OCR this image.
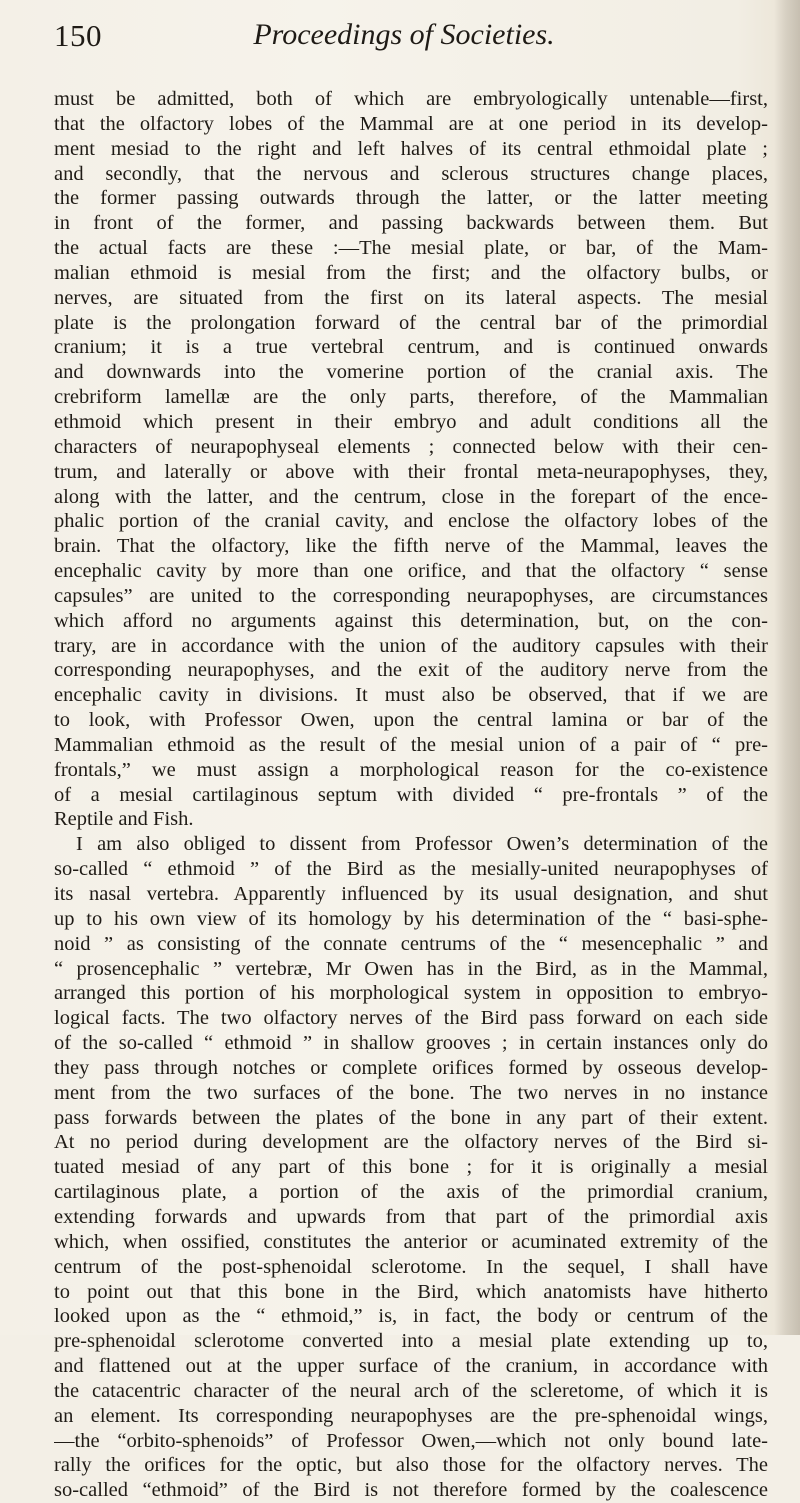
150	Proceedings of Societies.
must be admitted, both of which are embryologically untenable—first,
that the olfactory lobes of the Mammal are at one period in its develop-
ment mesiad to the right and left halves of its central ethmoidal plate ;
and secondly, that the nervous and sclerous structures change places,
the former passing outwards through the latter, or the latter meeting
in front of the former, and passing backwards between them. But
the actual facts are these :—The mesial plate, or bar, of the Mam-
malian ethmoid is mesial from the first; and the olfactory bulbs, or
nerves, are situated from the first on its lateral aspects. The mesial
plate is the prolongation forward of the central bar of the primordial
cranium; it is a true vertebral centrum, and is continued onwards
and downwards into the vomerine portion of the cranial axis. The
crebriform lamellæ are the only parts, therefore, of the Mammalian
ethmoid which present in their embryo and adult conditions all the
characters of neurapophyseal elements ; connected below with their cen-
trum, and laterally or above with their frontal meta-neurapophyses, they,
along with the latter, and the centrum, close in the forepart of the ence-
phalic portion of the cranial cavity, and enclose the olfactory lobes of the
brain. That the olfactory, like the fifth nerve of the Mammal, leaves the
encephalic cavity by more than one orifice, and that the olfactory “ sense
capsules” are united to the corresponding neurapophyses, are circumstances
which afford no arguments against this determination, but, on the con-
trary, are in accordance with the union of the auditory capsules with their
corresponding neurapophyses, and the exit of the auditory nerve from the
encephalic cavity in divisions. It must also be observed, that if we are
to look, with Professor Owen, upon the central lamina or bar of the
Mammalian ethmoid as the result of the mesial union of a pair of “ pre-
frontals,” we must assign a morphological reason for the co-existence
of a mesial cartilaginous septum with divided “ pre-frontals ” of the
Reptile and Fish.
I am also obliged to dissent from Professor Owen’s determination of the
so-called “ ethmoid ” of the Bird as the mesially-united neurapophyses of
its nasal vertebra. Apparently influenced by its usual designation, and shut
up to his own view of its homology by his determination of the “ basi-sphe-
noid ” as consisting of the connate centrums of the “ mesencephalic ” and
“ prosencephalic ” vertebræ, Mr Owen has in the Bird, as in the Mammal,
arranged this portion of his morphological system in opposition to embryo-
logical facts. The two olfactory nerves of the Bird pass forward on each side
of the so-called “ ethmoid ” in shallow grooves ; in certain instances only do
they pass through notches or complete orifices formed by osseous develop-
ment from the two surfaces of the bone. The two nerves in no instance
pass forwards between the plates of the bone in any part of their extent.
At no period during development are the olfactory nerves of the Bird si-
tuated mesiad of any part of this bone ; for it is originally a mesial
cartilaginous plate, a portion of the axis of the primordial cranium,
extending forwards and upwards from that part of the primordial axis
which, when ossified, constitutes the anterior or acuminated extremity of the
centrum of the post-sphenoidal sclerotome. In the sequel, I shall have
to point out that this bone in the Bird, which anatomists have hitherto
looked upon as the “ ethmoid,” is, in fact, the body or centrum of the
pre-sphenoidal sclerotome converted into a mesial plate extending up to,
and flattened out at the upper surface of the cranium, in accordance with
the catacentric character of the neural arch of the scleretome, of which it is
an element. Its corresponding neurapophyses are the pre-sphenoidal wings,
—the “orbito-sphenoids” of Professor Owen,—which not only bound late-
rally the orifices for the optic, but also those for the olfactory nerves. The
so-called “ethmoid” of the Bird is not therefore formed by the coalescence
